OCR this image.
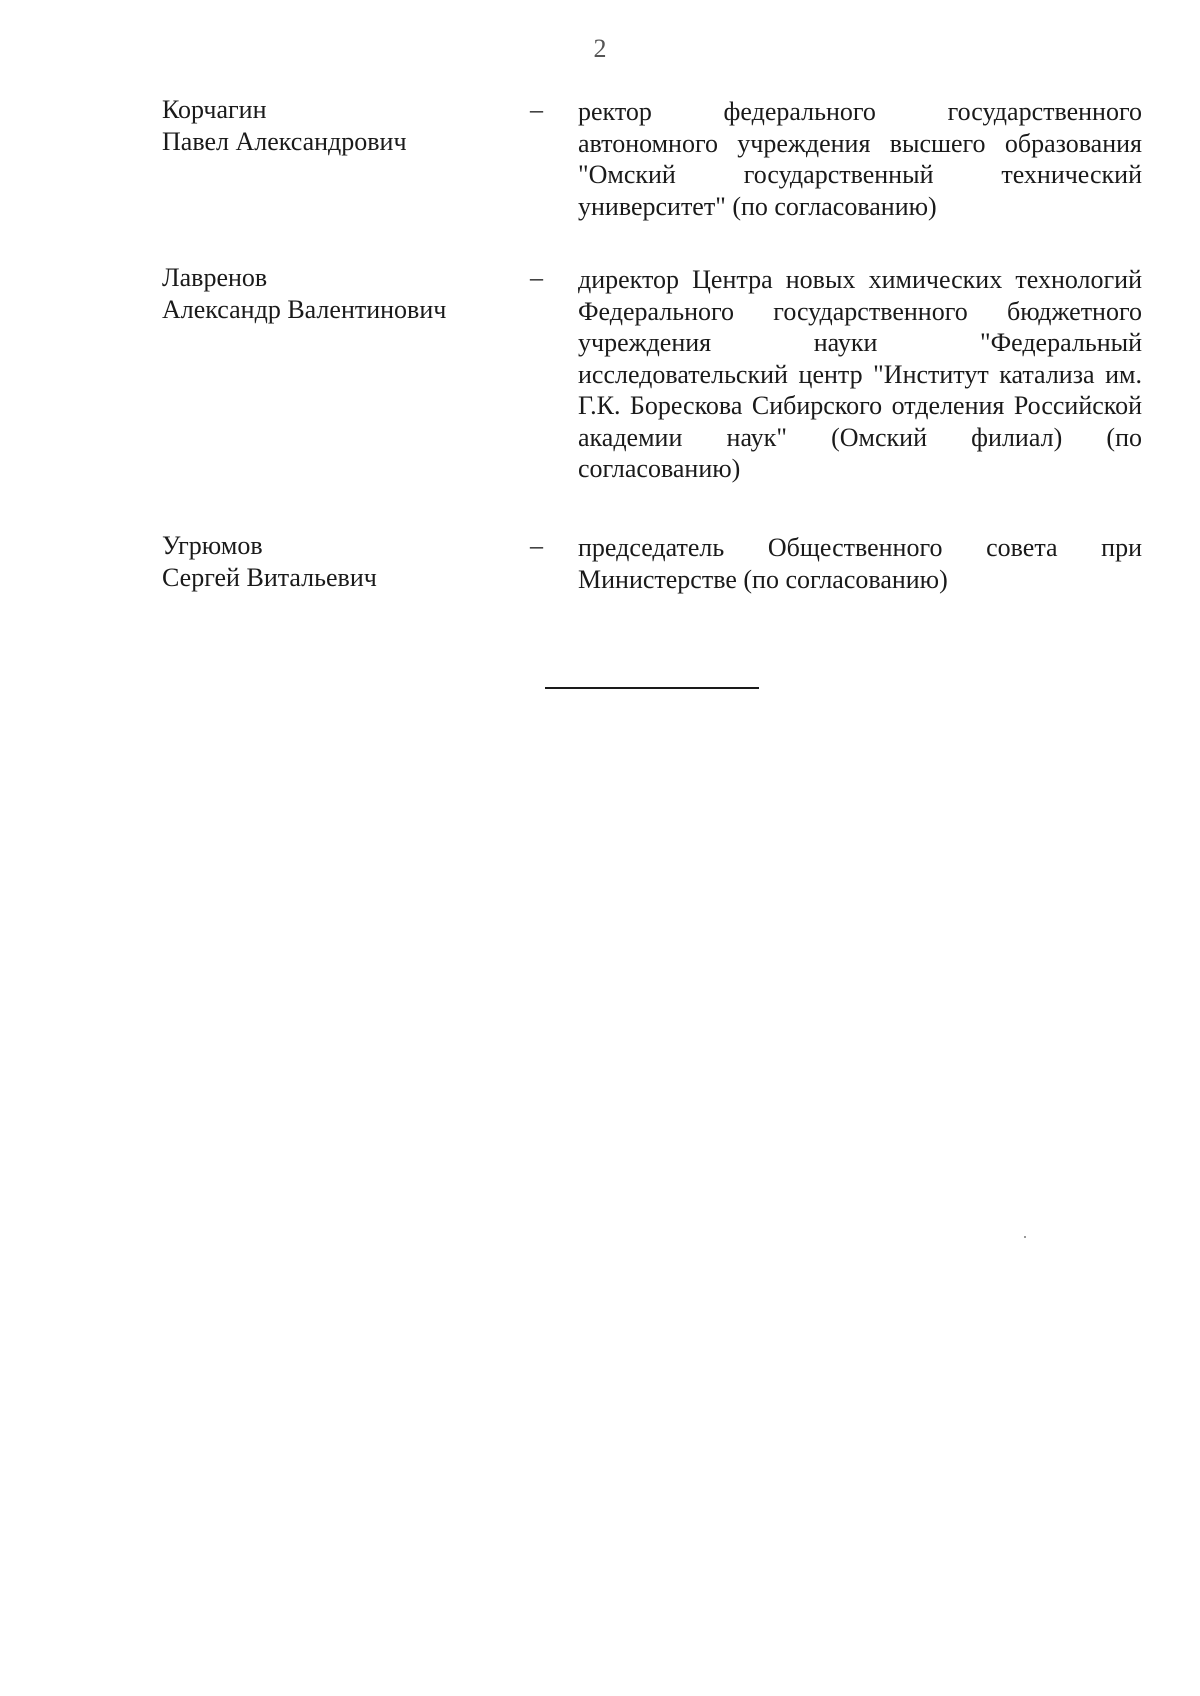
2
Корчагин
Павел Александрович
– ректор федерального государственного автономного учреждения высшего образования "Омский государственный технический университет" (по согласованию)
Лавренов
Александр Валентинович
– директор Центра новых химических технологий Федерального государственного бюджетного учреждения науки "Федеральный исследовательский центр "Институт катализа им. Г.К. Борескова Сибирского отделения Российской академии наук" (Омский филиал) (по согласованию)
Угрюмов
Сергей Витальевич
– председатель Общественного совета при Министерстве (по согласованию)
